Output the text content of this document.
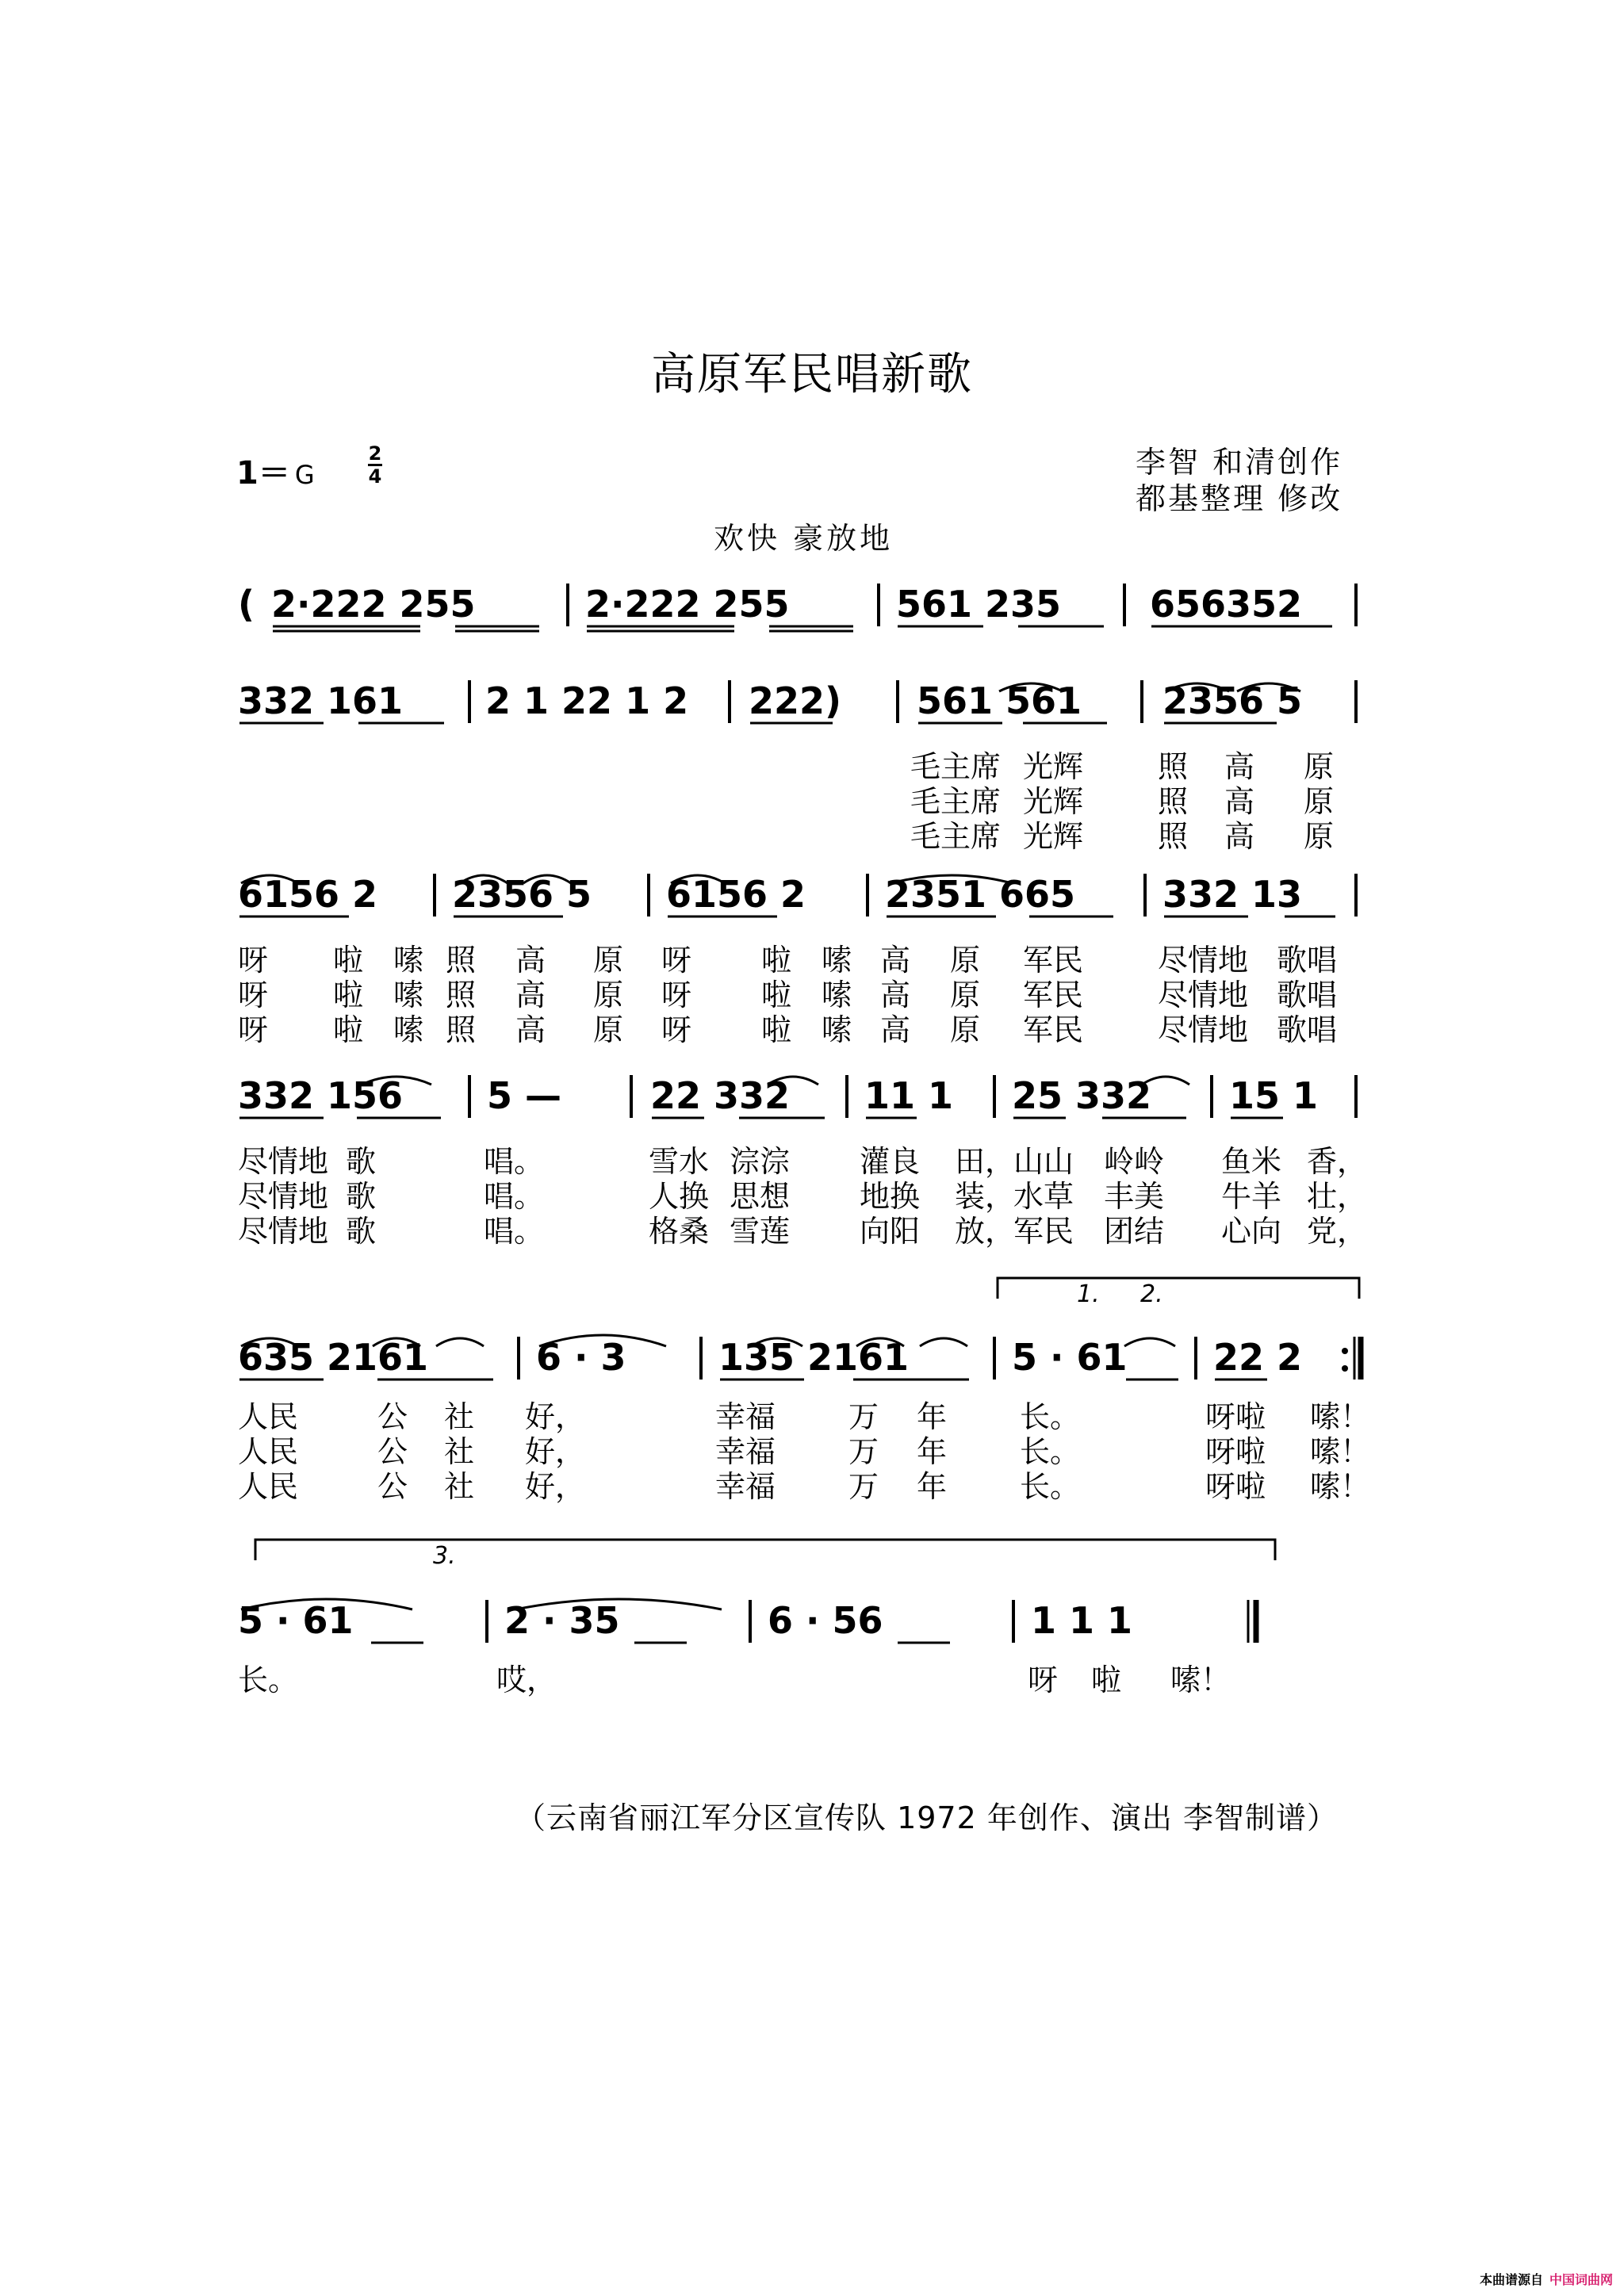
高原军民唱新歌
1＝ G
2
4	李智 和清创作
都基整理 修改
欢快 豪放地
( 2·222 255	2·222 255	561 235 656352
332 161 2 1 22 1 2 222) 561 561 2356 5
6156 2 2356 5 6156 2 2351 665 332 13
332 156 5 — 22 332 11 1 25 332 15 1
635 2161	6 · 3	135 2161	5 · 61 22 2
5 · 61	2 · 35	6 · 56	1 1 1
1. 2.
3.
毛主席 光辉 照 高 原
毛主席 光辉 照 高 原
毛主席 光辉 照 高 原
呀 啦 嗦 照 高 原 呀 啦 嗦 高 原 军民 尽情地 歌唱
呀 啦 嗦 照 高 原 呀 啦 嗦 高 原 军民 尽情地 歌唱
呀 啦 嗦 照 高 原 呀 啦 嗦 高 原 军民 尽情地 歌唱
尽情地 歌	唱。	雪水 淙淙 灌良 田，
山山 岭岭 鱼米 香，
尽情地 歌	唱。	人换 思想 地换 装，
水草 丰美 牛羊 壮，
尽情地 歌	唱。	格桑 雪莲 向阳 放，
军民 团结 心向 党，
人民	公 社 好，	幸福 万 年 长。	呀啦 嗦！
人民	公 社 好，	幸福 万 年 长。	呀啦 嗦！
人民	公 社 好，	幸福 万 年 长。	呀啦 嗦！
长。	哎，	呀 啦 嗦！
（云南省丽江军分区宣传队 1972 年创作、演出 李智制谱）
本曲谱源自 中国词曲网
